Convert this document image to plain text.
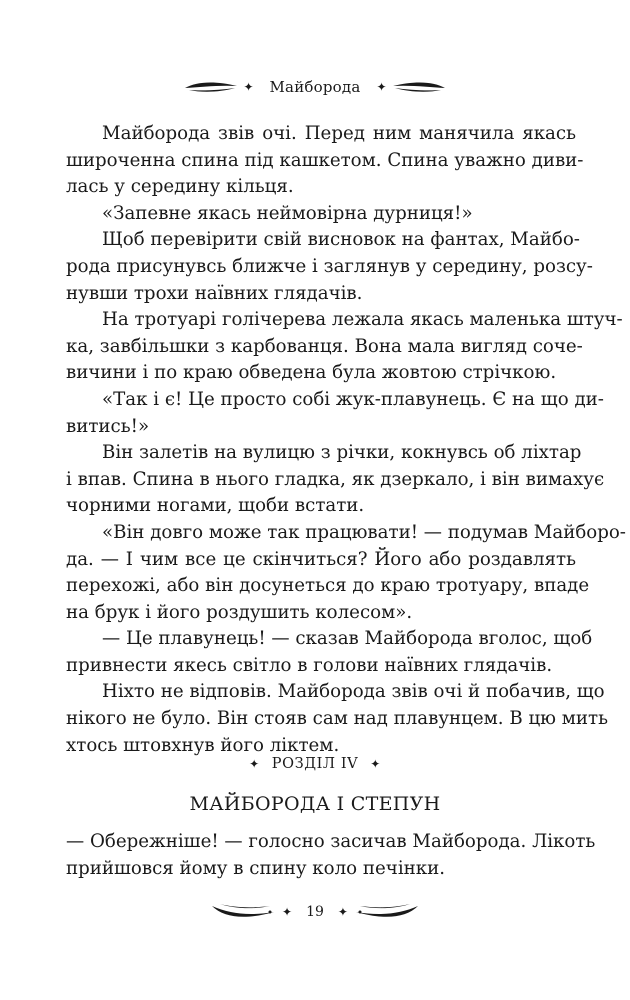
✦ Майборода ✦
Майборода звів очі. Перед ним манячила якась
широченна спина під кашкетом. Спина уважно диви-
лась у середину кільця.
«Запевне якась неймовірна дурниця!»
Щоб перевірити свій висновок на фантах, Майбо-
рода присунувсь ближче і заглянув у середину, розсу-
нувши трохи наївних глядачів.
На тротуарі голічерева лежала якась маленька штуч-
ка, завбільшки з карбованця. Вона мала вигляд соче-
вичини і по краю обведена була жовтою стрічкою.
«Так і є! Це просто собі жук-плавунець. Є на що ди-
витись!»
Він залетів на вулицю з річки, кокнувсь об ліхтар
і впав. Спина в нього гладка, як дзеркало, і він вимахує
чорними ногами, щоби встати.
«Він довго може так працювати! — подумав Майборо-
да. — І чим все це скінчиться? Його або роздавлять
перехожі, або він досунеться до краю тротуару, впаде
на брук і його роздушить колесом».
— Це плавунець! — сказав Майборода вголос, щоб
привнести якесь світло в голови наївних глядачів.
Ніхто не відповів. Майборода звів очі й побачив, що
нікого не було. Він стояв сам над плавунцем. В цю мить
хтось штовхнув його ліктем.
✦ РОЗДІЛ IV ✦
МАЙБОРОДА І СТЕПУН
— Обережніше! — голосно засичав Майборода. Лікоть
прийшовся йому в спину коло печінки.
✦ 19 ✦
